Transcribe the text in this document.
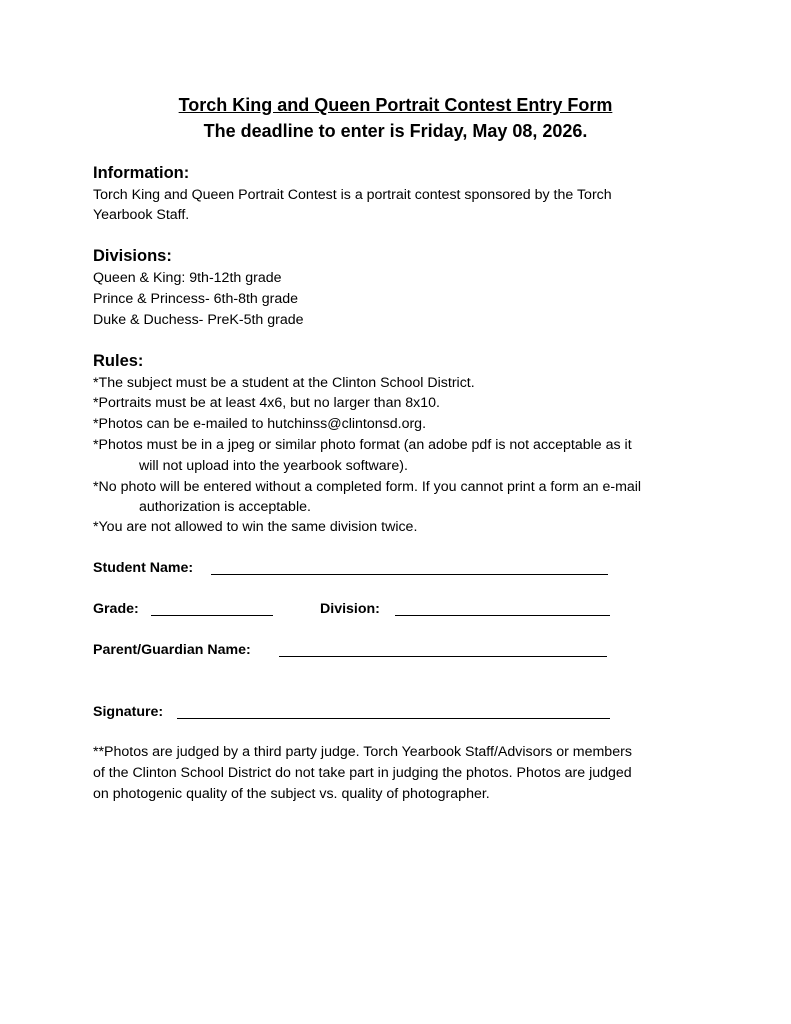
Torch King and Queen Portrait Contest Entry Form
The deadline to enter is Friday, May 08, 2026.
Information:
Torch King and Queen Portrait Contest is a portrait contest sponsored by the Torch
Yearbook Staff.
Divisions:
Queen & King: 9th-12th grade
Prince & Princess- 6th-8th grade
Duke & Duchess- PreK-5th grade
Rules:
*The subject must be a student at the Clinton School District.
*Portraits must be at least 4x6, but no larger than 8x10.
*Photos can be e-mailed to hutchinss@clintonsd.org.
*Photos must be in a jpeg or similar photo format (an adobe pdf is not acceptable as it
will not upload into the yearbook software).
*No photo will be entered without a completed form. If you cannot print a form an e-mail
authorization is acceptable.
*You are not allowed to win the same division twice.
Student Name:
Grade:	Division:
Parent/Guardian Name:
Signature:
**Photos are judged by a third party judge. Torch Yearbook Staff/Advisors or members
of the Clinton School District do not take part in judging the photos. Photos are judged
on photogenic quality of the subject vs. quality of photographer.
